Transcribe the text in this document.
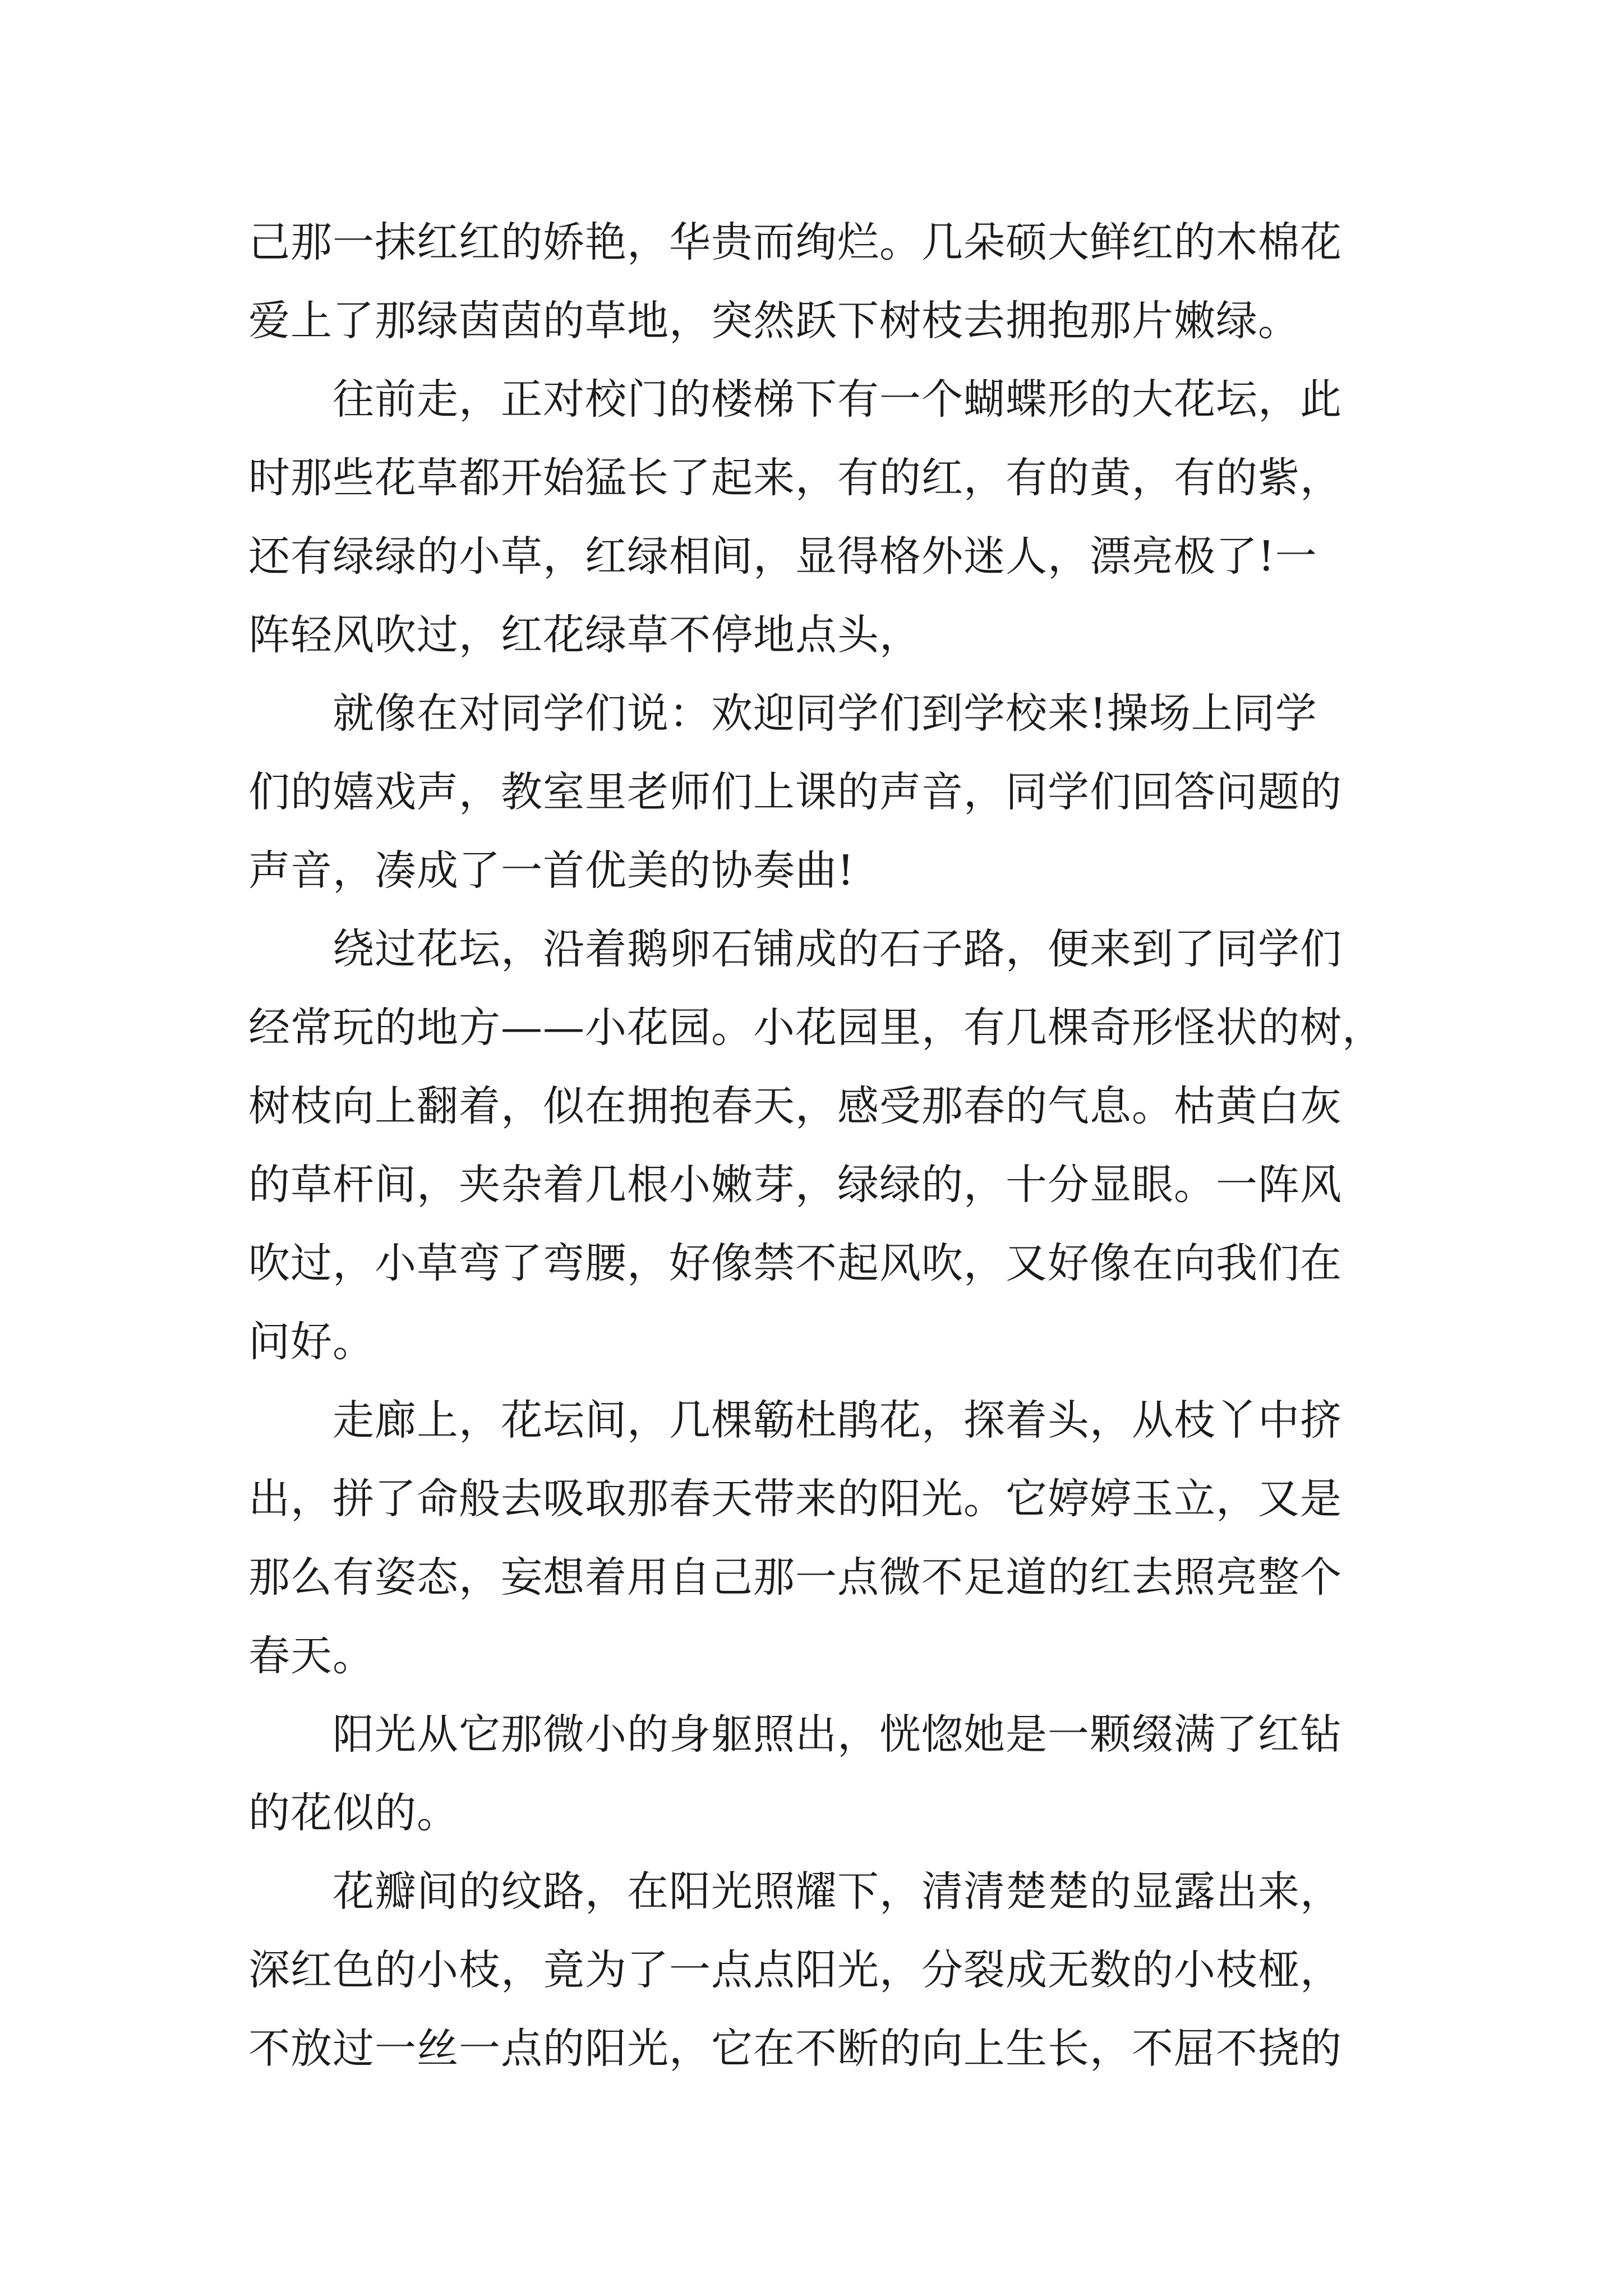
己那一抹红红的娇艳，华贵而绚烂。几朵硕大鲜红的木棉花
爱上了那绿茵茵的草地，突然跃下树枝去拥抱那片嫩绿。
　　往前走，正对校门的楼梯下有一个蝴蝶形的大花坛，此
时那些花草都开始猛长了起来，有的红，有的黄，有的紫，
还有绿绿的小草，红绿相间，显得格外迷人，漂亮极了!一
阵轻风吹过，红花绿草不停地点头，
　　就像在对同学们说：欢迎同学们到学校来!操场上同学
们的嬉戏声，教室里老师们上课的声音，同学们回答问题的
声音，凑成了一首优美的协奏曲!
　　绕过花坛，沿着鹅卵石铺成的石子路，便来到了同学们
经常玩的地方——小花园。小花园里，有几棵奇形怪状的树，
树枝向上翻着，似在拥抱春天，感受那春的气息。枯黄白灰
的草杆间，夹杂着几根小嫩芽，绿绿的，十分显眼。一阵风
吹过，小草弯了弯腰，好像禁不起风吹，又好像在向我们在
问好。
　　走廊上，花坛间，几棵簕杜鹃花，探着头，从枝丫中挤
出，拼了命般去吸取那春天带来的阳光。它婷婷玉立，又是
那么有姿态，妄想着用自己那一点微不足道的红去照亮整个
春天。
　　阳光从它那微小的身躯照出，恍惚她是一颗缀满了红钻
的花似的。
　　花瓣间的纹路，在阳光照耀下，清清楚楚的显露出来，
深红色的小枝，竟为了一点点阳光，分裂成无数的小枝桠，
不放过一丝一点的阳光，它在不断的向上生长，不屈不挠的
